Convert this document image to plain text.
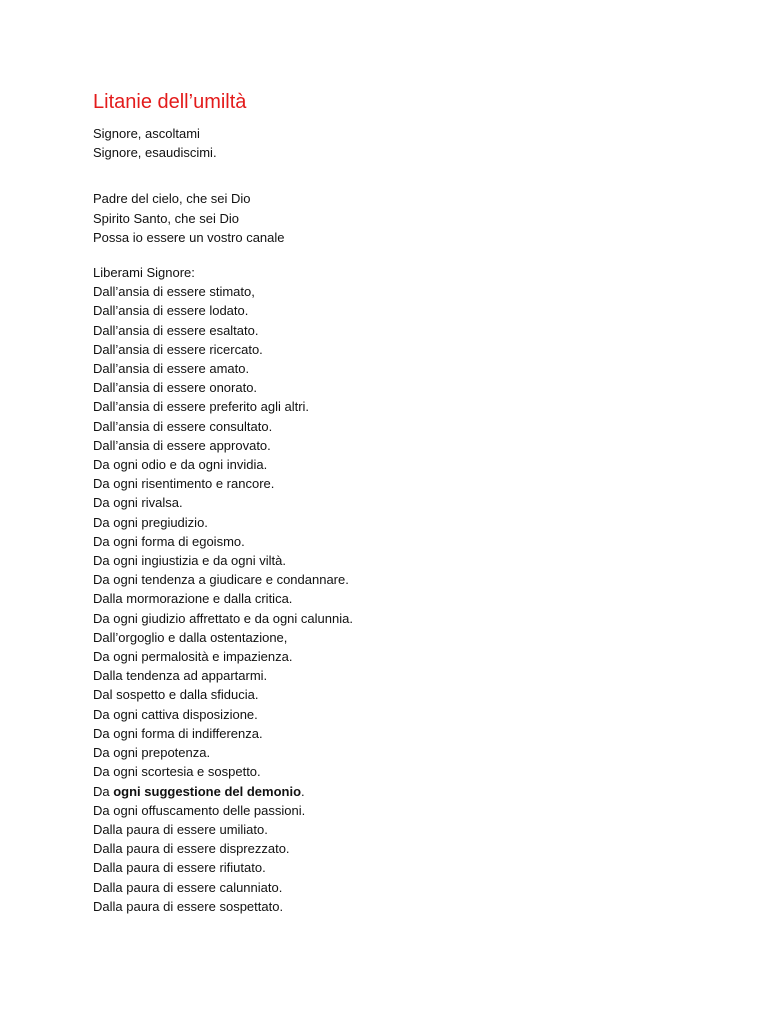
Litanie dell’umiltà
Signore, ascoltami
Signore, esaudiscimi.
Padre del cielo, che sei Dio
Spirito Santo, che sei Dio
Possa io essere un vostro canale
Liberami Signore:
Dall’ansia di essere stimato,
Dall’ansia di essere lodato.
Dall’ansia di essere esaltato.
Dall’ansia di essere ricercato.
Dall’ansia di essere amato.
Dall’ansia di essere onorato.
Dall’ansia di essere preferito agli altri.
Dall’ansia di essere consultato.
Dall’ansia di essere approvato.
Da ogni odio e da ogni invidia.
Da ogni risentimento e rancore.
Da ogni rivalsa.
Da ogni pregiudizio.
Da ogni forma di egoismo.
Da ogni ingiustizia e da ogni viltà.
Da ogni tendenza a giudicare e condannare.
Dalla mormorazione e dalla critica.
Da ogni giudizio affrettato e da ogni calunnia.
Dall’orgoglio e dalla ostentazione,
Da ogni permalosità e impazienza.
Dalla tendenza ad appartarmi.
Dal sospetto e dalla sfiducia.
Da ogni cattiva disposizione.
Da ogni forma di indifferenza.
Da ogni prepotenza.
Da ogni scortesia e sospetto.
Da ogni suggestione del demonio.
Da ogni offuscamento delle passioni.
Dalla paura di essere umiliato.
Dalla paura di essere disprezzato.
Dalla paura di essere rifiutato.
Dalla paura di essere calunniato.
Dalla paura di essere sospettato.
